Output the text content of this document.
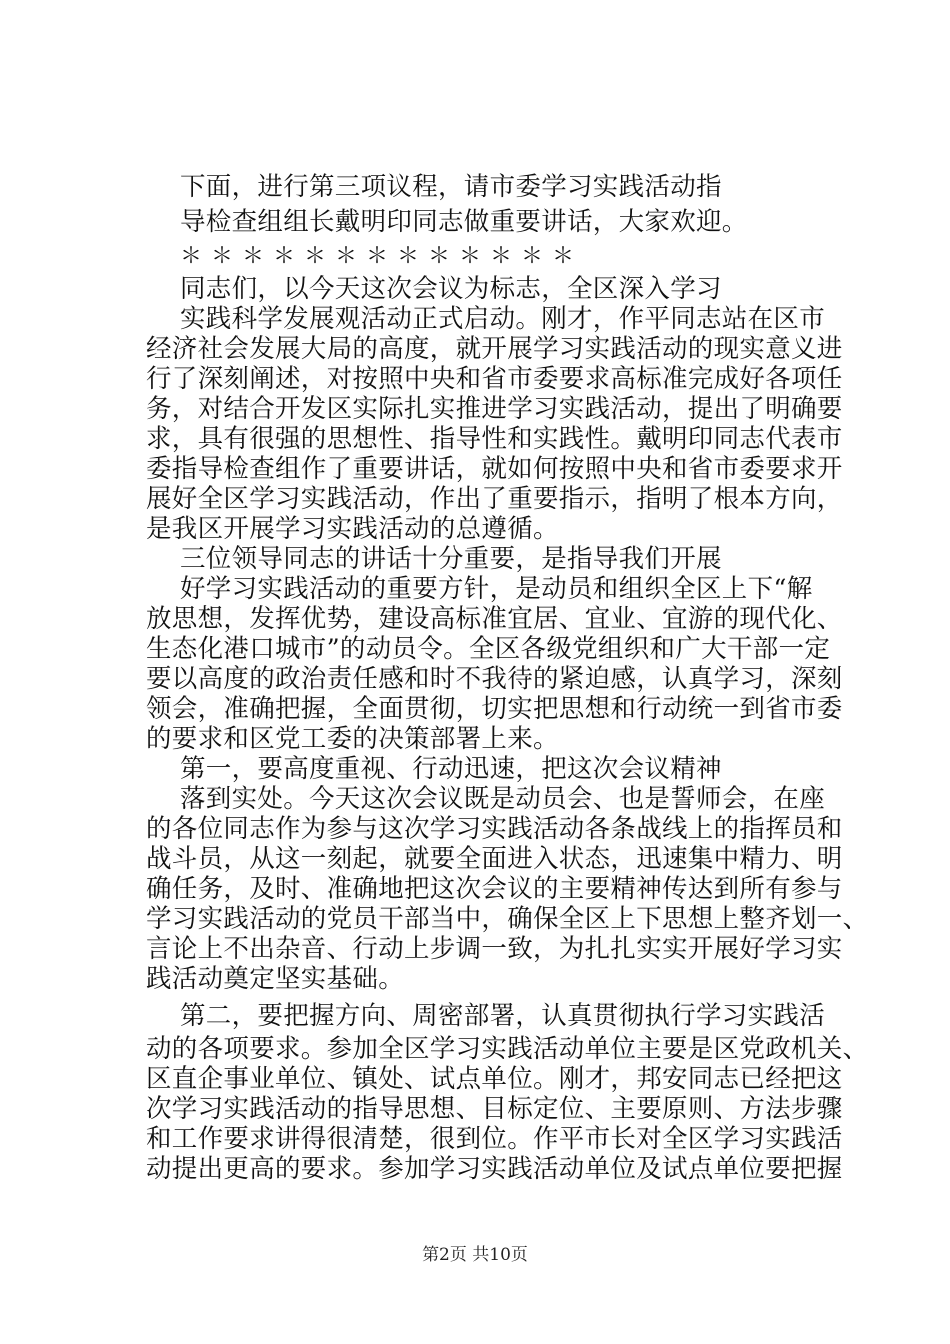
下面，进行第三项议程，请市委学习实践活动指
导检查组组长戴明印同志做重要讲话，大家欢迎。
＊＊＊＊＊＊＊＊＊＊＊＊＊
同志们，以今天这次会议为标志，全区深入学习
实践科学发展观活动正式启动。刚才，作平同志站在区市
经济社会发展大局的高度，就开展学习实践活动的现实意义进
行了深刻阐述，对按照中央和省市委要求高标准完成好各项任
务，对结合开发区实际扎实推进学习实践活动，提出了明确要
求，具有很强的思想性、指导性和实践性。戴明印同志代表市
委指导检查组作了重要讲话，就如何按照中央和省市委要求开
展好全区学习实践活动，作出了重要指示，指明了根本方向，
是我区开展学习实践活动的总遵循。
三位领导同志的讲话十分重要，是指导我们开展
好学习实践活动的重要方针，是动员和组织全区上下“解
放思想，发挥优势，建设高标准宜居、宜业、宜游的现代化、
生态化港口城市”的动员令。全区各级党组织和广大干部一定
要以高度的政治责任感和时不我待的紧迫感，认真学习，深刻
领会，准确把握，全面贯彻，切实把思想和行动统一到省市委
的要求和区党工委的决策部署上来。
第一，要高度重视、行动迅速，把这次会议精神
落到实处。今天这次会议既是动员会、也是誓师会，在座
的各位同志作为参与这次学习实践活动各条战线上的指挥员和
战斗员，从这一刻起，就要全面进入状态，迅速集中精力、明
确任务，及时、准确地把这次会议的主要精神传达到所有参与
学习实践活动的党员干部当中，确保全区上下思想上整齐划一、
言论上不出杂音、行动上步调一致，为扎扎实实开展好学习实
践活动奠定坚实基础。
第二，要把握方向、周密部署，认真贯彻执行学习实践活
动的各项要求。参加全区学习实践活动单位主要是区党政机关、
区直企事业单位、镇处、试点单位。刚才，邦安同志已经把这
次学习实践活动的指导思想、目标定位、主要原则、方法步骤
和工作要求讲得很清楚，很到位。作平市长对全区学习实践活
动提出更高的要求。参加学习实践活动单位及试点单位要把握
第2页 共10页
